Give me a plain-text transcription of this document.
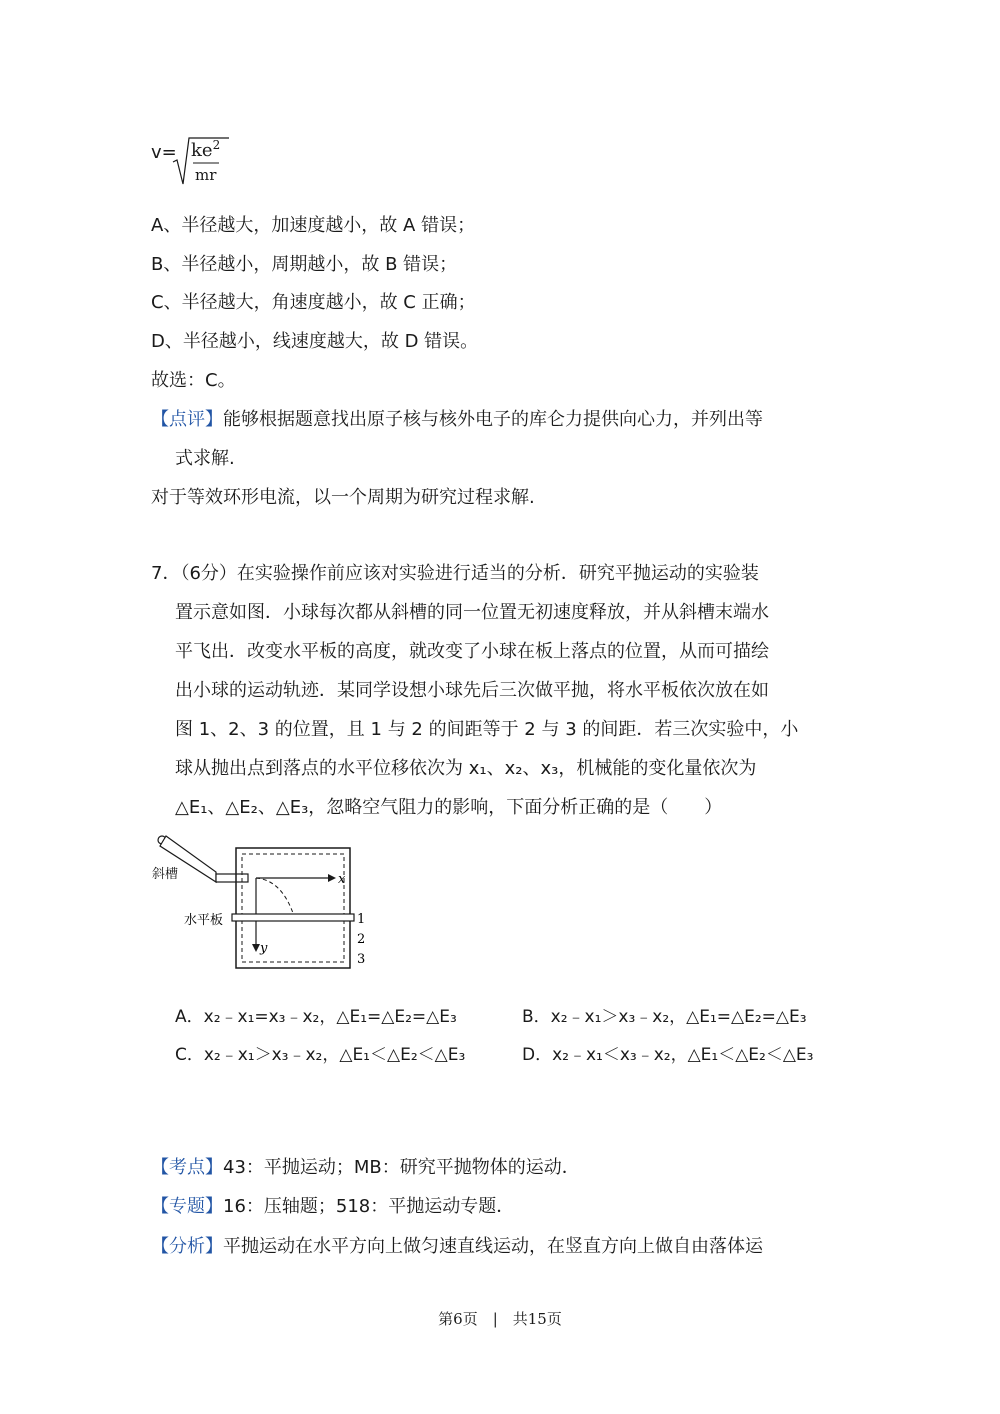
$v= ke^2$
mr
A、半径越大，加速度越小，故 A 错误；
B、半径越小，周期越小，故 B 错误；
C、半径越大，角速度越小，故 C 正确；
D、半径越小，线速度越大，故 D 错误。
故选：C。
【点评】能够根据题意找出原子核与核外电子的库仑力提供向心力，并列出等
式求解.
对于等效环形电流，以一个周期为研究过程求解.
7．（6分）在实验操作前应该对实验进行适当的分析．研究平抛运动的实验装
置示意如图．小球每次都从斜槽的同一位置无初速度释放，并从斜槽末端水
平飞出．改变水平板的高度，就改变了小球在板上落点的位置，从而可描绘
出小球的运动轨迹．某同学设想小球先后三次做平抛，将水平板依次放在如
图 1、2、3 的位置，且 1 与 2 的间距等于 2 与 3 的间距．若三次实验中，小
球从抛出点到落点的水平位移依次为 x₁、x₂、x₃，机械能的变化量依次为
△E₁、△E₂、△E₃，忽略空气阻力的影响，下面分析正确的是（　　）
斜槽	x
y
水平板	1
2
3
A．x₂﹣x₁=x₃﹣x₂，△E₁=△E₂=△E₃	B．x₂﹣x₁＞x₃﹣x₂，△E₁=△E₂=△E₃
C．x₂﹣x₁＞x₃﹣x₂，△E₁＜△E₂＜△E₃	D．x₂﹣x₁＜x₃﹣x₂，△E₁＜△E₂＜△E₃
【考点】43：平抛运动；MB：研究平抛物体的运动．
【专题】16：压轴题；518：平抛运动专题．
【分析】平抛运动在水平方向上做匀速直线运动，在竖直方向上做自由落体运
第6页　|　共15页
